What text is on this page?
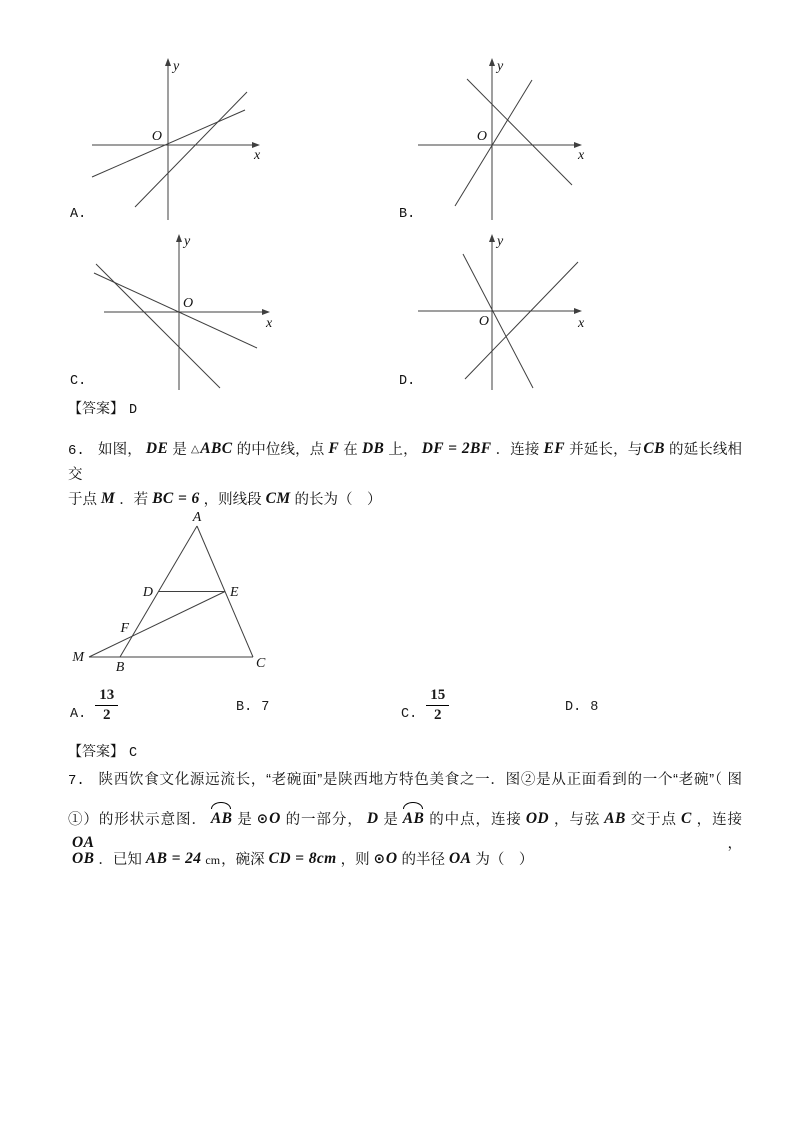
y
x
O
y
x
O
y
x
O
y
x
O
A.	B.
C.	D.
【答案】 D
6. 如图， DE 是 △ABC 的中位线，点 F 在 DB 上， DF = 2BF ．连接 EF 并延长，与CB 的延长线相交
于点 M ．若 BC = 6 ，则线段 CM 的长为（　）
A
M
B	C
D	E
F
A. $\frac{13}{2}$	B. 7	C. $\frac{15}{2}$	D. 8
【答案】 C
7. 陕西饮食文化源远流长，“老碗面”是陕西地方特色美食之一．图②是从正面看到的一个“老碗”（ 图
①）的形状示意图． AB 是 ⊙O 的一部分， D 是 AB 的中点，连接 OD ，与弦 AB 交于点 C ，连接OA ，
OB ．已知 AB = 24 cm，碗深 CD = 8cm ，则 ⊙O 的半径 OA 为（　）
